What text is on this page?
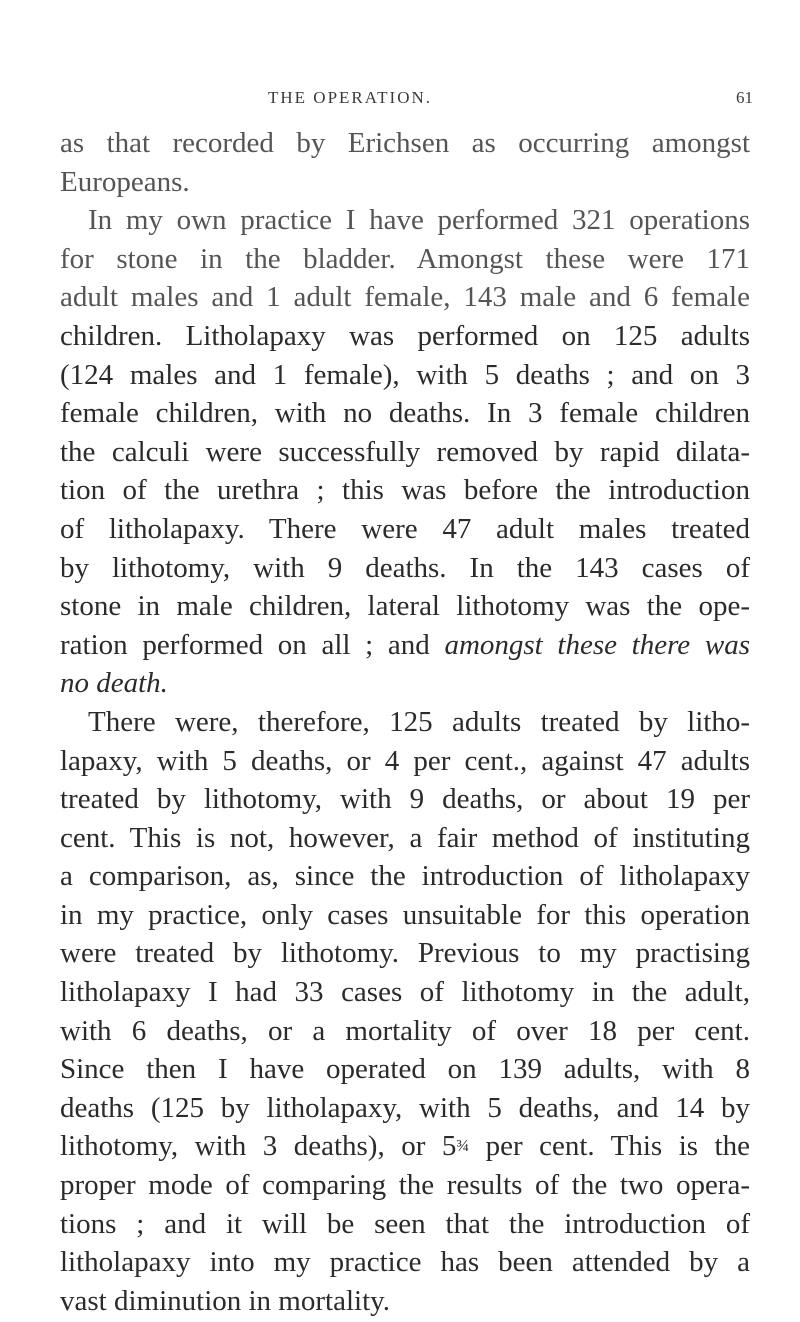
THE OPERATION.	61
as that recorded by Erichsen as occurring amongst
Europeans.
In my own practice I have performed 321 operations
for stone in the bladder. Amongst these were 171
adult males and 1 adult female, 143 male and 6 female
children. Litholapaxy was performed on 125 adults
(124 males and 1 female), with 5 deaths ; and on 3
female children, with no deaths. In 3 female children
the calculi were successfully removed by rapid dilata-
tion of the urethra ; this was before the introduction
of litholapaxy. There were 47 adult males treated
by lithotomy, with 9 deaths. In the 143 cases of
stone in male children, lateral lithotomy was the ope-
ration performed on all ; and amongst these there was
no death.
There were, therefore, 125 adults treated by litho-
lapaxy, with 5 deaths, or 4 per cent., against 47 adults
treated by lithotomy, with 9 deaths, or about 19 per
cent. This is not, however, a fair method of instituting
a comparison, as, since the introduction of litholapaxy
in my practice, only cases unsuitable for this operation
were treated by lithotomy. Previous to my practising
litholapaxy I had 33 cases of lithotomy in the adult,
with 6 deaths, or a mortality of over 18 per cent.
Since then I have operated on 139 adults, with 8
deaths (125 by litholapaxy, with 5 deaths, and 14 by
lithotomy, with 3 deaths), or 5¾ per cent. This is the
proper mode of comparing the results of the two opera-
tions ; and it will be seen that the introduction of
litholapaxy into my practice has been attended by a
vast diminution in mortality.
